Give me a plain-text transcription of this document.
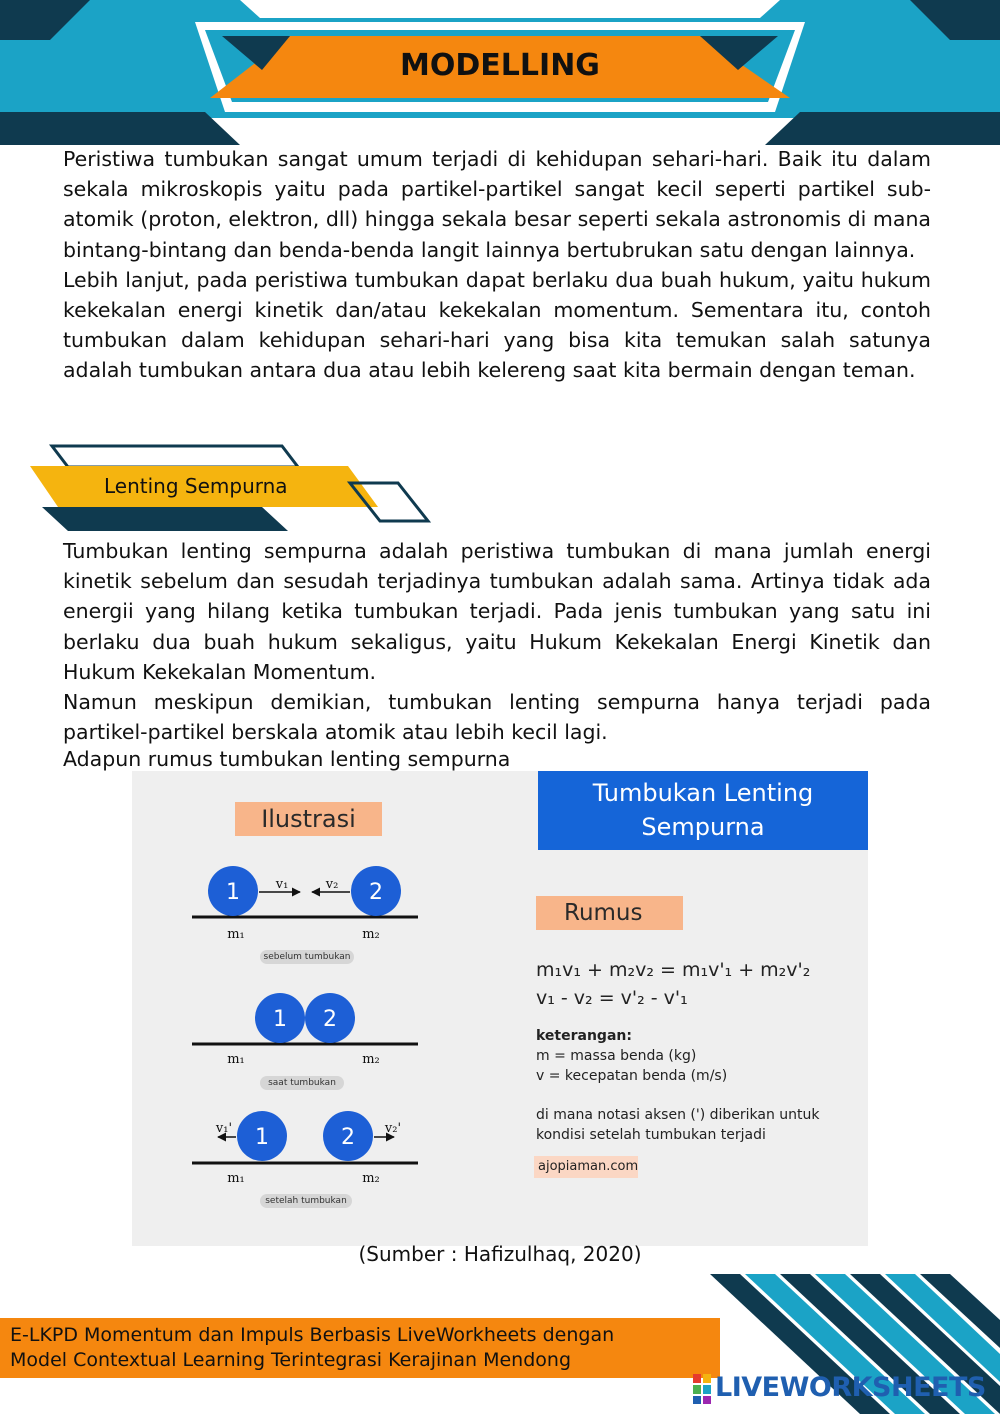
MODELLING

Peristiwa tumbukan sangat umum terjadi di kehidupan sehari-hari. Baik itu dalam sekala mikroskopis yaitu pada partikel-partikel sangat kecil seperti partikel sub-atomik (proton, elektron, dll) hingga sekala besar seperti sekala astronomis di mana bintang-bintang dan benda-benda langit lainnya bertubrukan satu dengan lainnya.

Lebih lanjut, pada peristiwa tumbukan dapat berlaku dua buah hukum, yaitu hukum kekekalan energi kinetik dan/atau kekekalan momentum. Sementara itu, contoh tumbukan dalam kehidupan sehari-hari yang bisa kita temukan salah satunya adalah tumbukan antara dua atau lebih kelereng saat kita bermain dengan teman.

Lenting Sempurna

Tumbukan lenting sempurna adalah peristiwa tumbukan di mana jumlah energi kinetik sebelum dan sesudah terjadinya tumbukan adalah sama. Artinya tidak ada energii yang hilang ketika tumbukan terjadi. Pada jenis tumbukan yang satu ini berlaku dua buah hukum sekaligus, yaitu Hukum Kekekalan Energi Kinetik dan Hukum Kekekalan Momentum.

Namun meskipun demikian, tumbukan lenting sempurna hanya terjadi pada partikel-partikel berskala atomik atau lebih kecil lagi.

Adapun rumus tumbukan lenting sempurna

Ilustrasi
Tumbukan Lenting
Sempurna
1	2
1 2
1	2
v₁	v₂
v₁'	v₂'
m₁	m₂
m₁	m₂
m₁	m₂
sebelum tumbukan
saat tumbukan
setelah tumbukan
Rumus
m₁v₁ + m₂v₂ = m₁v'₁ + m₂v'₂
v₁ - v₂ = v'₂ - v'₁
keterangan:
m = massa benda (kg)
v = kecepatan benda (m/s)
di mana notasi aksen (') diberikan untuk
kondisi setelah tumbukan terjadi
ajopiaman.com
(Sumber : Hafizulhaq, 2020)
E-LKPD Momentum dan Impuls Berbasis LiveWorkheets dengan
Model Contextual Learning Terintegrasi Kerajinan Mendong
LIVEWORKSHEETS
